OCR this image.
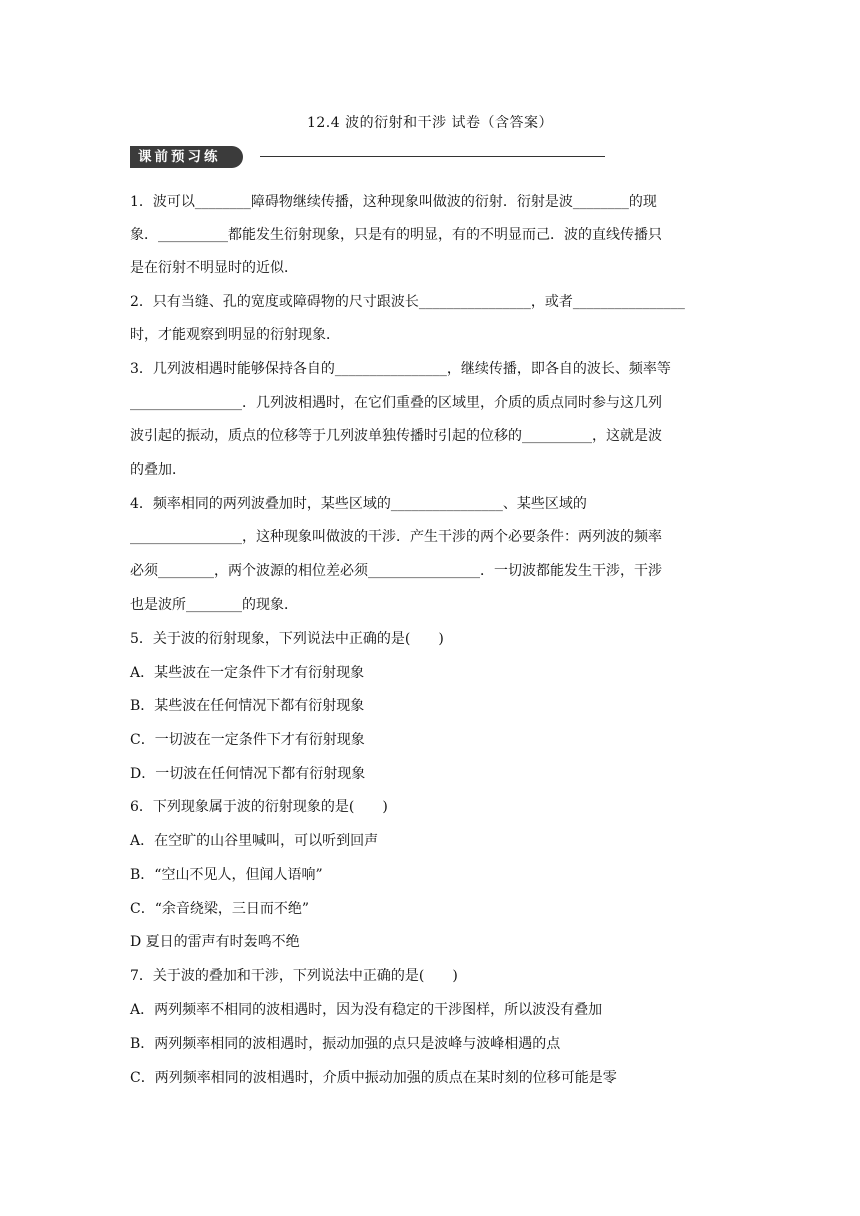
12.4 波的衍射和干涉 试卷（含答案）
课前预习练
1．波可以________障碍物继续传播，这种现象叫做波的衍射．衍射是波________的现
象．__________都能发生衍射现象，只是有的明显，有的不明显而己．波的直线传播只
是在衍射不明显时的近似．
2．只有当缝、孔的宽度或障碍物的尺寸跟波长________________，或者________________
时，才能观察到明显的衍射现象．
3．几列波相遇时能够保持各自的________________，继续传播，即各自的波长、频率等
________________．几列波相遇时，在它们重叠的区域里，介质的质点同时参与这几列
波引起的振动，质点的位移等于几列波单独传播时引起的位移的__________，这就是波
的叠加．
4．频率相同的两列波叠加时，某些区域的________________、某些区域的
________________，这种现象叫做波的干涉．产生干涉的两个必要条件：两列波的频率
必须________，两个波源的相位差必须________________．一切波都能发生干涉，干涉
也是波所________的现象．
5．关于波的衍射现象，下列说法中正确的是(　　)
A．某些波在一定条件下才有衍射现象
B．某些波在任何情况下都有衍射现象
C．一切波在一定条件下才有衍射现象
D．一切波在任何情况下都有衍射现象
6．下列现象属于波的衍射现象的是(　　)
A．在空旷的山谷里喊叫，可以听到回声
B．“空山不见人，但闻人语响”
C．“余音绕梁，三日而不绝”
D 夏日的雷声有时轰鸣不绝
7．关于波的叠加和干涉，下列说法中正确的是(　　)
A．两列频率不相同的波相遇时，因为没有稳定的干涉图样，所以波没有叠加
B．两列频率相同的波相遇时，振动加强的点只是波峰与波峰相遇的点
C．两列频率相同的波相遇时，介质中振动加强的质点在某时刻的位移可能是零
